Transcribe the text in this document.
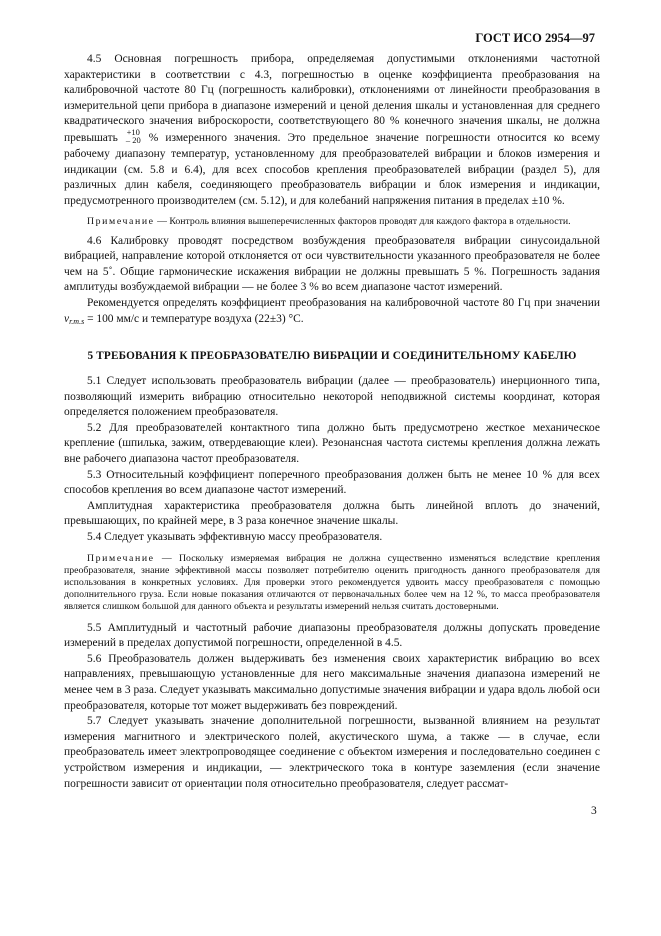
ГОСТ ИСО 2954—97

4.5 Основная погрешность прибора, определяемая допустимыми отклонениями частотной характеристики в соответствии с 4.3, погрешностью в оценке коэффициента преобразования на калибровочной частоте 80 Гц (погрешность калибровки), отклонениями от линейности преобразования в измерительной цепи прибора в диапазоне измерений и ценой деления шкалы и установленная для среднего квадратического значения виброскорости, соответствующего 80 % конечного значения шкалы, не должна превышать
+10
– 20 % измеренного значения. Это предельное значение погрешности относится ко всему рабочему диапазону температур, установленному для преобразователей вибрации и блоков измерения и индикации (см. 5.8 и 6.4), для всех способов крепления преобразователей вибрации (раздел 5), для различных длин кабеля, соединяющего преобразователь вибрации и блок измерения и индикации, предусмотренного производителем (см. 5.12), и для колебаний напряжения питания в пределах ±10 %.

Примечание — Контроль влияния вышеперечисленных факторов проводят для каждого фактора в отдельности.

4.6 Калибровку проводят посредством возбуждения преобразователя вибрации синусоидальной вибрацией, направление которой отклоняется от оси чувствительности указанного преобразователя не более чем на 5˚. Общие гармонические искажения вибрации не должны превышать 5 %. Погрешность задания амплитуды возбуждаемой вибрации — не более 3 % во всем диапазоне частот измерений.

Рекомендуется определять коэффициент преобразования на калибровочной частоте 80 Гц при значении $v_{r.m.s} = 100$ мм/с и температуре воздуха (22±3) °С.

5 ТРЕБОВАНИЯ К ПРЕОБРАЗОВАТЕЛЮ ВИБРАЦИИ И СОЕДИНИТЕЛЬНОМУ КАБЕЛЮ

5.1 Следует использовать преобразователь вибрации (далее — преобразователь) инерционного типа, позволяющий измерить вибрацию относительно некоторой неподвижной системы координат, которая определяется положением преобразователя.

5.2 Для преобразователей контактного типа должно быть предусмотрено жесткое механическое крепление (шпилька, зажим, отвердевающие клеи). Резонансная частота системы крепления должна лежать вне рабочего диапазона частот преобразователя.

5.3 Относительный коэффициент поперечного преобразования должен быть не менее 10 % для всех способов крепления во всем диапазоне частот измерений.

Амплитудная характеристика преобразователя должна быть линейной вплоть до значений, превышающих, по крайней мере, в 3 раза конечное значение шкалы.

5.4 Следует указывать эффективную массу преобразователя.

Примечание — Поскольку измеряемая вибрация не должна существенно изменяться вследствие крепления преобразователя, знание эффективной массы позволяет потребителю оценить пригодность данного преобразователя для использования в конкретных условиях. Для проверки этого рекомендуется удвоить массу преобразователя с помощью дополнительного груза. Если новые показания отличаются от первоначальных более чем на 12 %, то масса преобразователя является слишком большой для данного объекта и результаты измерений нельзя считать достоверными.

5.5 Амплитудный и частотный рабочие диапазоны преобразователя должны допускать проведение измерений в пределах допустимой погрешности, определенной в 4.5.

5.6 Преобразователь должен выдерживать без изменения своих характеристик вибрацию во всех направлениях, превышающую установленные для него максимальные значения диапазона измерений не менее чем в 3 раза. Следует указывать максимально допустимые значения вибрации и удара вдоль любой оси преобразователя, которые тот может выдерживать без повреждений.

5.7 Следует указывать значение дополнительной погрешности, вызванной влиянием на результат измерения магнитного и электрического полей, акустического шума, а также — в случае, если преобразователь имеет электропроводящее соединение с объектом измерения и последовательно соединен с устройством измерения и индикации, — электрического тока в контуре заземления (если значение погрешности зависит от ориентации поля относительно преобразователя, следует рассмат-

3
